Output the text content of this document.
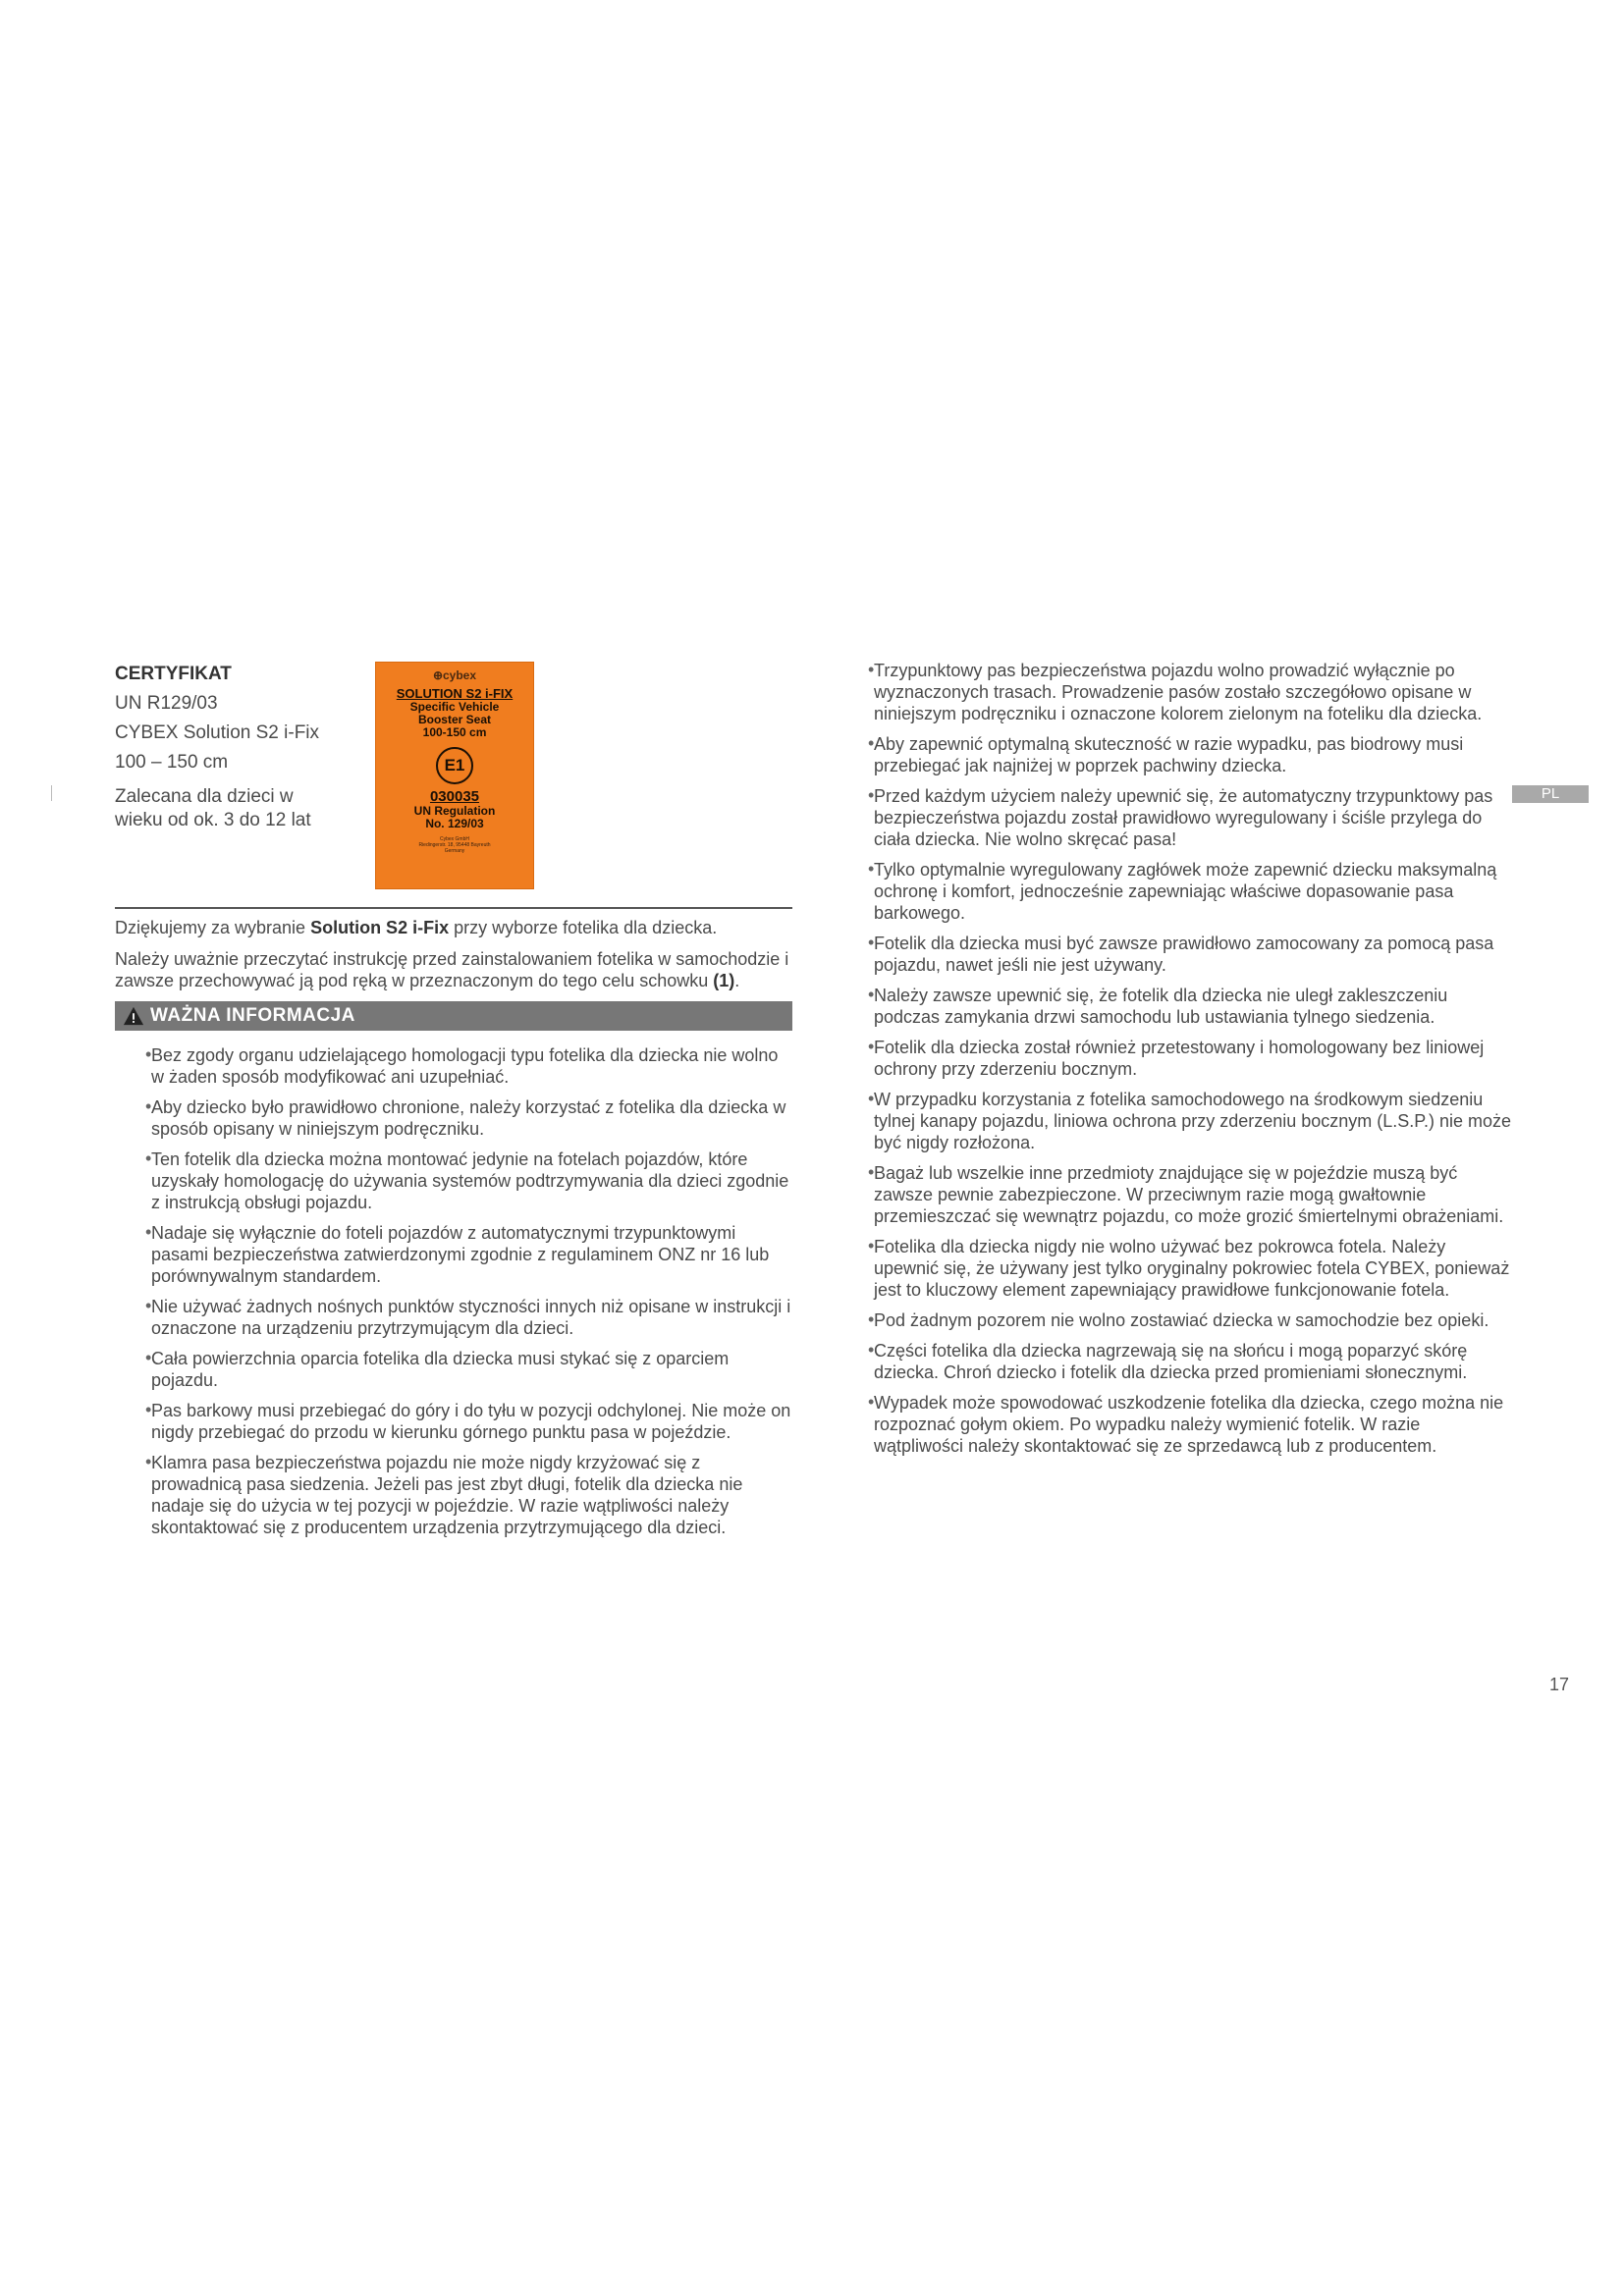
CERTYFIKAT
UN R129/03
CYBEX Solution S2 i-Fix
100 – 150 cm
Zalecana dla dzieci w wieku od ok. 3 do 12 lat
⊕cybex
SOLUTION S2 i-FIX
Specific Vehicle
Booster Seat
100-150 cm
E1
030035
UN Regulation
No. 129/03
Cybex GmbH
Riedingerstr. 18, 95448 Bayreuth
Germany

Dziękujemy za wybranie Solution S2 i-Fix przy wyborze fotelika dla dziecka.

Należy uważnie przeczytać instrukcję przed zainstalowaniem fotelika w samochodzie i zawsze przechowywać ją pod ręką w przeznaczonym do tego celu schowku (1).

WAŻNA INFORMACJA
• Bez zgody organu udzielającego homologacji typu fotelika dla dziecka nie wolno w żaden sposób modyfikować ani uzupełniać.
• Aby dziecko było prawidłowo chronione, należy korzystać z fotelika dla dziecka w sposób opisany w niniejszym podręczniku.
• Ten fotelik dla dziecka można montować jedynie na fotelach pojazdów, które uzyskały homologację do używania systemów podtrzymywania dla dzieci zgodnie z instrukcją obsługi pojazdu.
• Nadaje się wyłącznie do foteli pojazdów z automatycznymi trzypunktowymi pasami bezpieczeństwa zatwierdzonymi zgodnie z regulaminem ONZ nr 16 lub porównywalnym standardem.
• Nie używać żadnych nośnych punktów styczności innych niż opisane w instrukcji i oznaczone na urządzeniu przytrzymującym dla dzieci.
• Cała powierzchnia oparcia fotelika dla dziecka musi stykać się z oparciem pojazdu.
• Pas barkowy musi przebiegać do góry i do tyłu w pozycji odchylonej. Nie może on nigdy przebiegać do przodu w kierunku górnego punktu pasa w pojeździe.
• Klamra pasa bezpieczeństwa pojazdu nie może nigdy krzyżować się z prowadnicą pasa siedzenia. Jeżeli pas jest zbyt długi, fotelik dla dziecka nie nadaje się do użycia w tej pozycji w pojeździe. W razie wątpliwości należy skontaktować się z producentem urządzenia przytrzymującego dla dzieci.
• Trzypunktowy pas bezpieczeństwa pojazdu wolno prowadzić wyłącznie po wyznaczonych trasach. Prowadzenie pasów zostało szczegółowo opisane w niniejszym podręczniku i oznaczone kolorem zielonym na foteliku dla dziecka.
• Aby zapewnić optymalną skuteczność w razie wypadku, pas biodrowy musi przebiegać jak najniżej w poprzek pachwiny dziecka.
• Przed każdym użyciem należy upewnić się, że automatyczny trzypunktowy pas bezpieczeństwa pojazdu został prawidłowo wyregulowany i ściśle przylega do ciała dziecka. Nie wolno skręcać pasa!
• Tylko optymalnie wyregulowany zagłówek może zapewnić dziecku maksymalną ochronę i komfort, jednocześnie zapewniając właściwe dopasowanie pasa barkowego.
• Fotelik dla dziecka musi być zawsze prawidłowo zamocowany za pomocą pasa pojazdu, nawet jeśli nie jest używany.
• Należy zawsze upewnić się, że fotelik dla dziecka nie uległ zakleszczeniu podczas zamykania drzwi samochodu lub ustawiania tylnego siedzenia.
• Fotelik dla dziecka został również przetestowany i homologowany bez liniowej ochrony przy zderzeniu bocznym.
• W przypadku korzystania z fotelika samochodowego na środkowym siedzeniu tylnej kanapy pojazdu, liniowa ochrona przy zderzeniu bocznym (L.S.P.) nie może być nigdy rozłożona.
• Bagaż lub wszelkie inne przedmioty znajdujące się w pojeździe muszą być zawsze pewnie zabezpieczone. W przeciwnym razie mogą gwałtownie przemieszczać się wewnątrz pojazdu, co może grozić śmiertelnymi obrażeniami.
• Fotelika dla dziecka nigdy nie wolno używać bez pokrowca fotela. Należy upewnić się, że używany jest tylko oryginalny pokrowiec fotela CYBEX, ponieważ jest to kluczowy element zapewniający prawidłowe funkcjonowanie fotela.
• Pod żadnym pozorem nie wolno zostawiać dziecka w samochodzie bez opieki.
• Części fotelika dla dziecka nagrzewają się na słońcu i mogą poparzyć skórę dziecka. Chroń dziecko i fotelik dla dziecka przed promieniami słonecznymi.
• Wypadek może spowodować uszkodzenie fotelika dla dziecka, czego można nie rozpoznać gołym okiem. Po wypadku należy wymienić fotelik. W razie wątpliwości należy skontaktować się ze sprzedawcą lub z producentem.
PL
17
